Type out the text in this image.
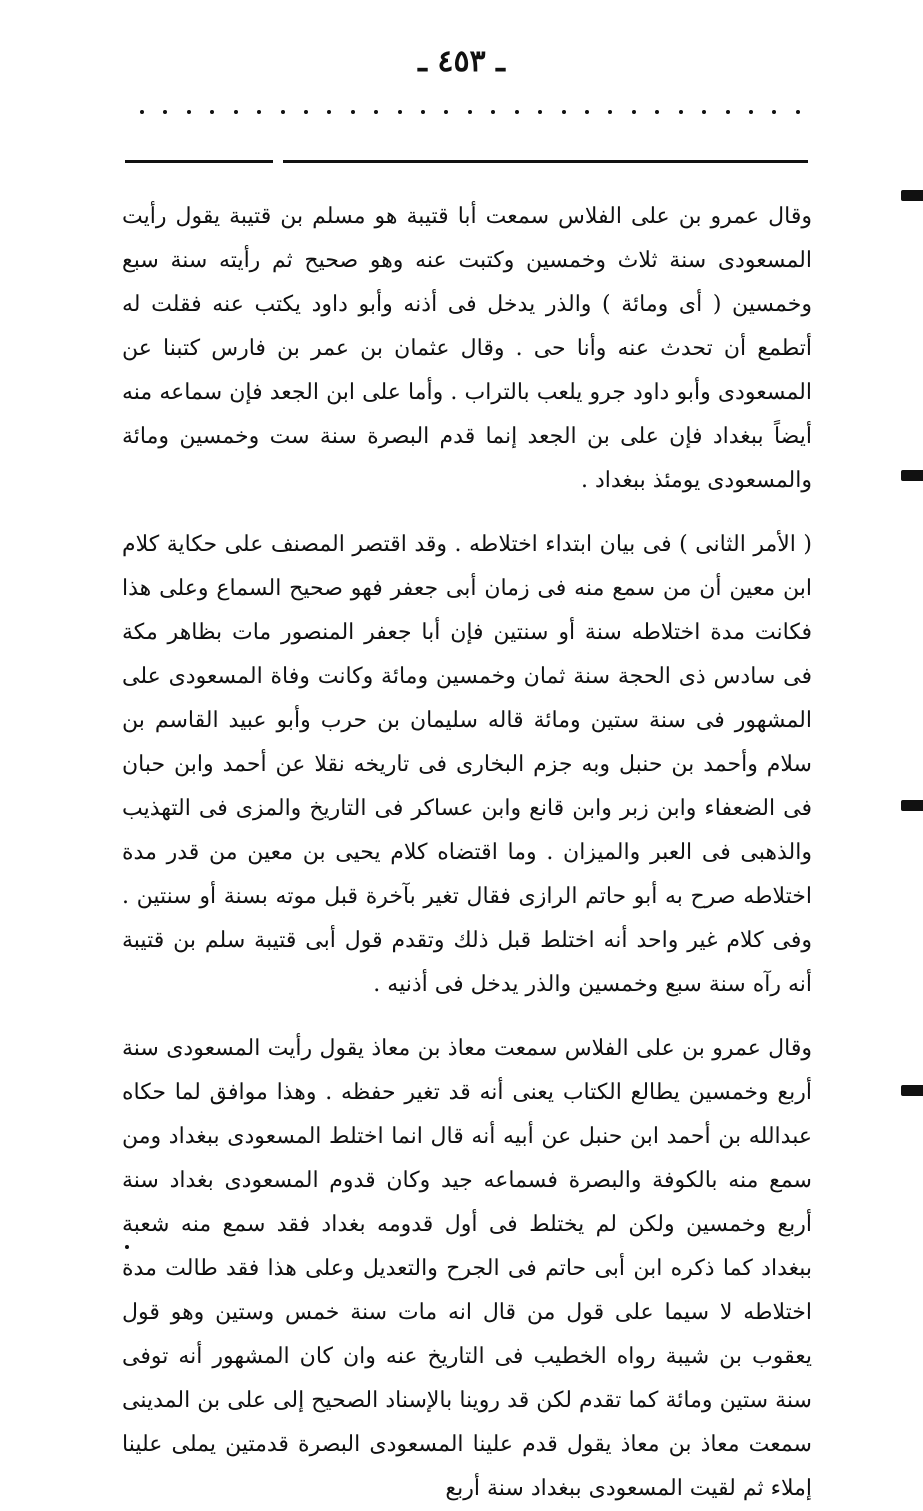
ـ ٤٥٣ ـ

وقال عمرو بن على الفلاس سمعت أبا قتيبة هو مسلم بن قتيبة يقول رأيت المسعودى سنة ثلاث وخمسين وكتبت عنه وهو صحيح ثم رأيته سنة سبع وخمسين ( أى ومائة ) والذر يدخل فى أذنه وأبو داود يكتب عنه فقلت له أتطمع أن تحدث عنه وأنا حى . وقال عثمان بن عمر بن فارس كتبنا عن المسعودى وأبو داود جرو يلعب بالتراب . وأما على ابن الجعد فإن سماعه منه أيضاً ببغداد فإن على بن الجعد إنما قدم البصرة سنة ست وخمسين ومائة والمسعودى يومئذ ببغداد .

( الأمر الثانى ) فى بيان ابتداء اختلاطه . وقد اقتصر المصنف على حكاية كلام ابن معين أن من سمع منه فى زمان أبى جعفر فهو صحيح السماع وعلى هذا فكانت مدة اختلاطه سنة أو سنتين فإن أبا جعفر المنصور مات بظاهر مكة فى سادس ذى الحجة سنة ثمان وخمسين ومائة وكانت وفاة المسعودى على المشهور فى سنة ستين ومائة قاله سليمان بن حرب وأبو عبيد القاسم بن سلام وأحمد بن حنبل وبه جزم البخارى فى تاريخه نقلا عن أحمد وابن حبان فى الضعفاء وابن زبر وابن قانع وابن عساكر فى التاريخ والمزى فى التهذيب والذهبى فى العبر والميزان . وما اقتضاه كلام يحيى بن معين من قدر مدة اختلاطه صرح به أبو حاتم الرازى فقال تغير بآخرة قبل موته بسنة أو سنتين . وفى كلام غير واحد أنه اختلط قبل ذلك وتقدم قول أبى قتيبة سلم بن قتيبة أنه رآه سنة سبع وخمسين والذر يدخل فى أذنيه .

وقال عمرو بن على الفلاس سمعت معاذ بن معاذ يقول رأيت المسعودى سنة أربع وخمسين يطالع الكتاب يعنى أنه قد تغير حفظه . وهذا موافق لما حكاه عبدالله بن أحمد ابن حنبل عن أبيه أنه قال انما اختلط المسعودى ببغداد ومن سمع منه بالكوفة والبصرة فسماعه جيد وكان قدوم المسعودى بغداد سنة أربع وخمسين ولكن لم يختلط فى أول قدومه بغداد فقد سمع منه شعبة ببغداد كما ذكره ابن أبى حاتم فى الجرح والتعديل وعلى هذا فقد طالت مدة اختلاطه لا سيما على قول من قال انه مات سنة خمس وستين وهو قول يعقوب بن شيبة رواه الخطيب فى التاريخ عنه وان كان المشهور أنه توفى سنة ستين ومائة كما تقدم لكن قد روينا بالإسناد الصحيح إلى على بن المدينى سمعت معاذ بن معاذ يقول قدم علينا المسعودى البصرة قدمتين يملى علينا إملاء ثم لقيت المسعودى ببغداد سنة أربع
